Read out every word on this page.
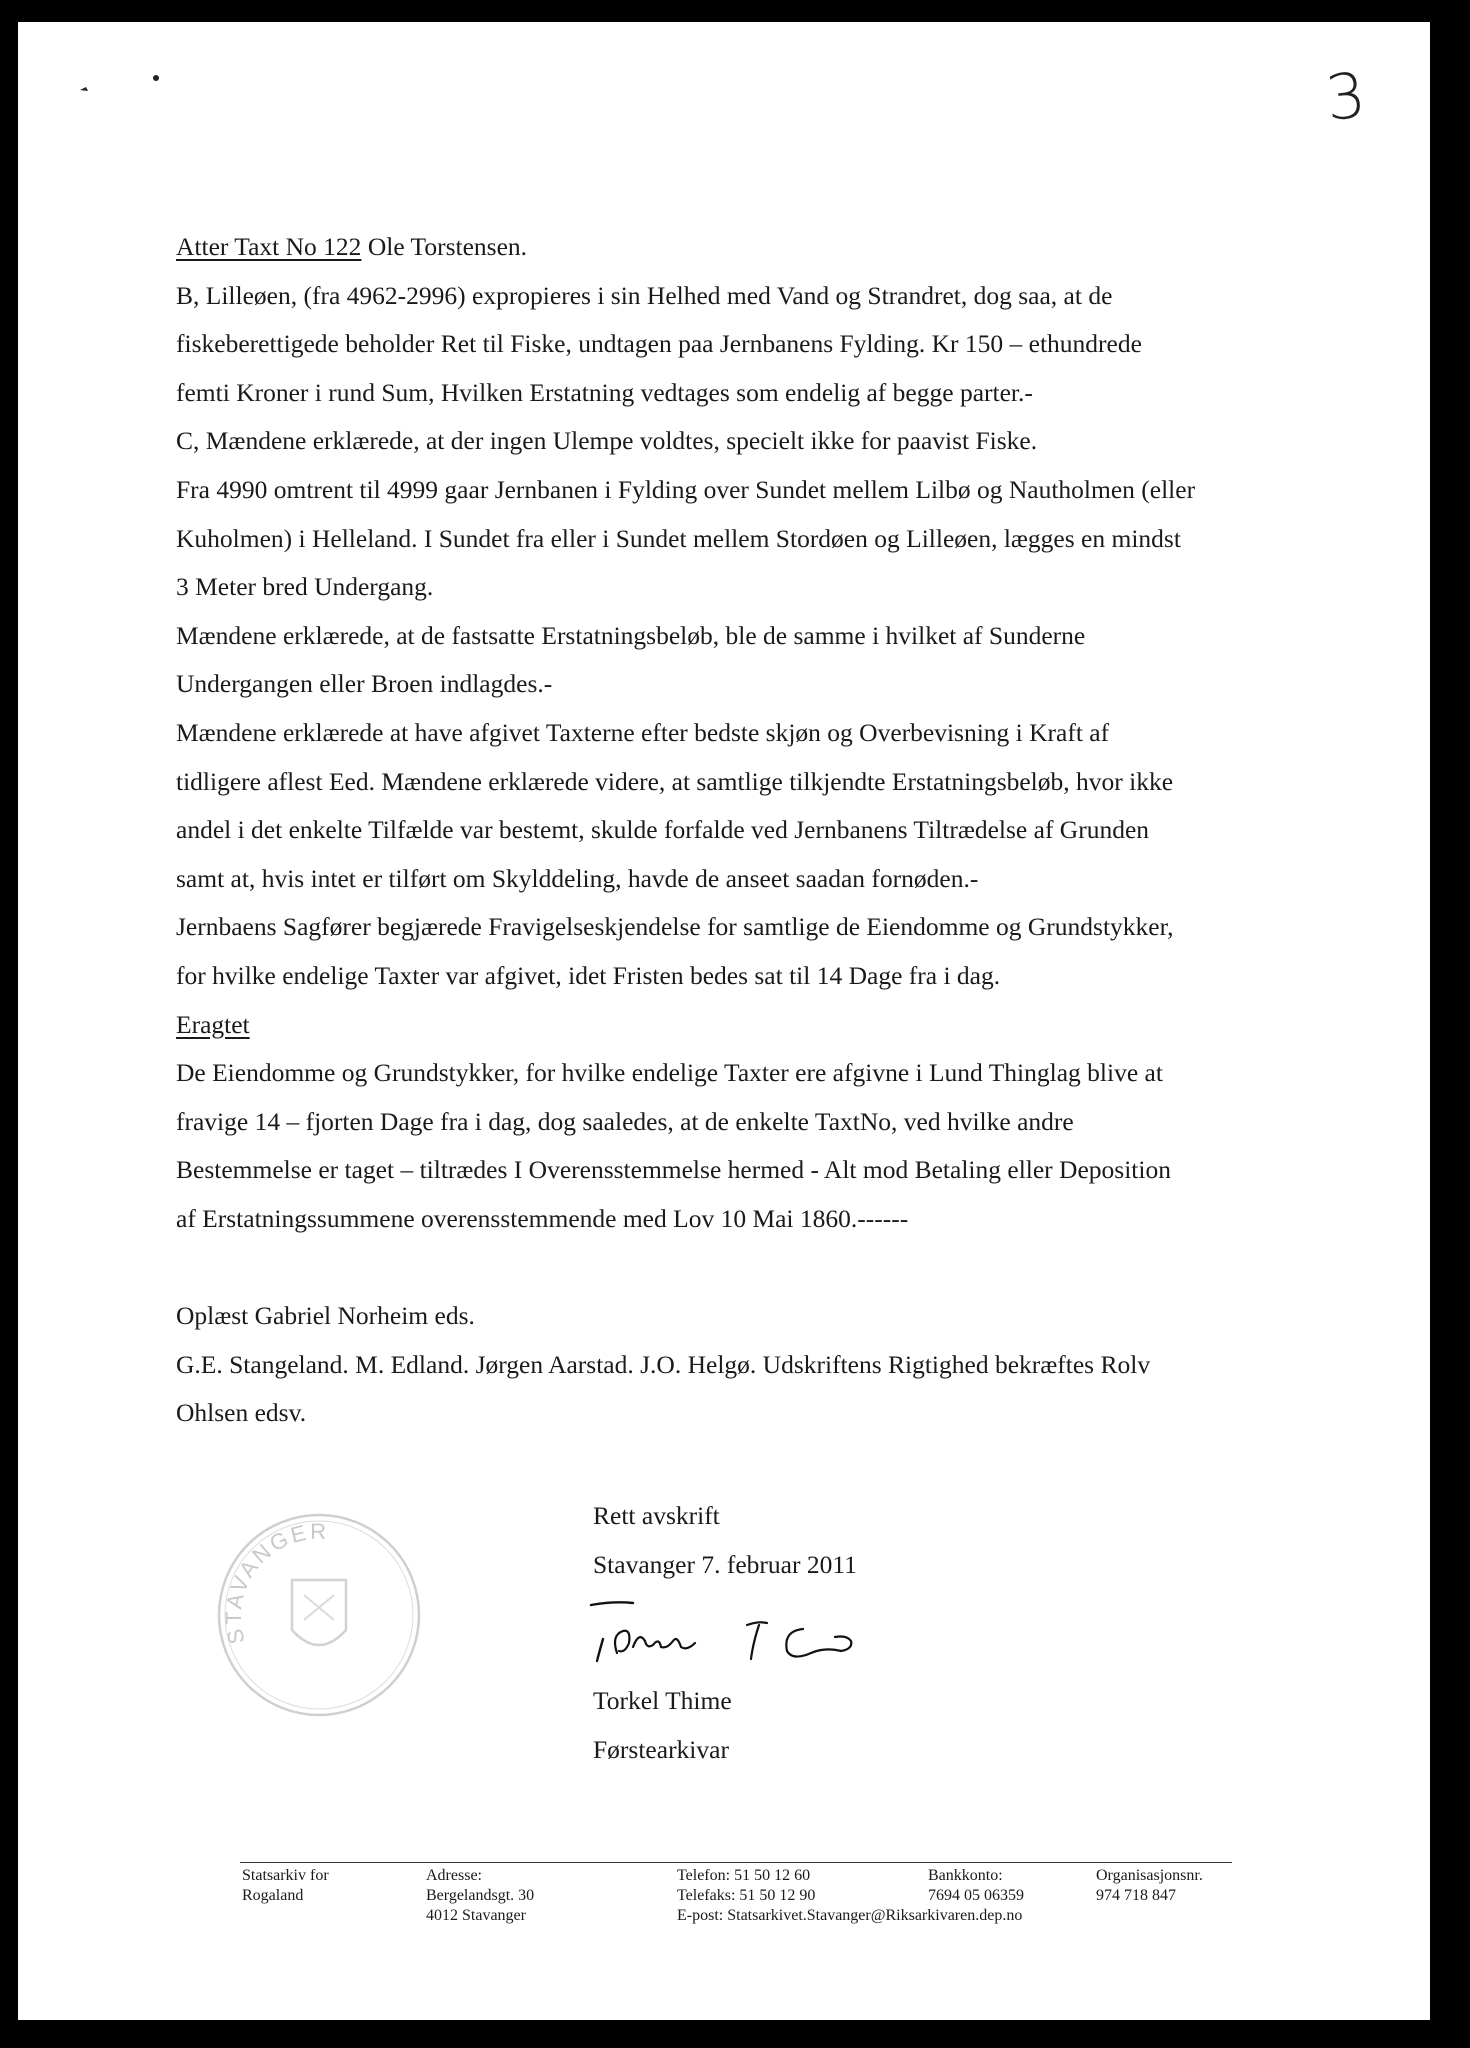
3
Atter Taxt No 122 Ole Torstensen.
B, Lilleøen, (fra 4962-2996) expropieres i sin Helhed med Vand og Strandret, dog saa, at de
fiskeberettigede beholder Ret til Fiske, undtagen paa Jernbanens Fylding. Kr 150 – ethundrede
femti Kroner i rund Sum, Hvilken Erstatning vedtages som endelig af begge parter.-
C, Mændene erklærede, at der ingen Ulempe voldtes, specielt ikke for paavist Fiske.
Fra 4990 omtrent til 4999 gaar Jernbanen i Fylding over Sundet mellem Lilbø og Nautholmen (eller
Kuholmen) i Helleland. I Sundet fra eller i Sundet mellem Stordøen og Lilleøen, lægges en mindst
3 Meter bred Undergang.
Mændene erklærede, at de fastsatte Erstatningsbeløb, ble de samme i hvilket af Sunderne
Undergangen eller Broen indlagdes.-
Mændene erklærede at have afgivet Taxterne efter bedste skjøn og Overbevisning i Kraft af
tidligere aflest Eed. Mændene erklærede videre, at samtlige tilkjendte Erstatningsbeløb, hvor ikke
andel i det enkelte Tilfælde var bestemt, skulde forfalde ved Jernbanens Tiltrædelse af Grunden
samt at, hvis intet er tilført om Skylddeling, havde de anseet saadan fornøden.-
Jernbaens Sagfører begjærede Fravigelseskjendelse for samtlige de Eiendomme og Grundstykker,
for hvilke endelige Taxter var afgivet, idet Fristen bedes sat til 14 Dage fra i dag.
Eragtet
De Eiendomme og Grundstykker, for hvilke endelige Taxter ere afgivne i Lund Thinglag blive at
fravige 14 – fjorten Dage fra i dag, dog saaledes, at de enkelte TaxtNo, ved hvilke andre
Bestemmelse er taget – tiltrædes I Overensstemmelse hermed - Alt mod Betaling eller Deposition
af Erstatningssummene overensstemmende med Lov 10 Mai 1860.------
Oplæst Gabriel Norheim eds.
G.E. Stangeland. M. Edland. Jørgen Aarstad. J.O. Helgø. Udskriftens Rigtighed bekræftes Rolv
Ohlsen edsv.
STAVANGER
Rett avskrift
Stavanger 7. februar 2011
Torkel Thime
Førstearkivar
Statsarkiv for
Rogaland
Adresse:
Bergelandsgt. 30
4012 Stavanger
Telefon: 51 50 12 60
Telefaks: 51 50 12 90
E-post: Statsarkivet.Stavanger@Riksarkivaren.dep.no
Bankkonto:
7694 05 06359
Organisasjonsnr.
974 718 847
